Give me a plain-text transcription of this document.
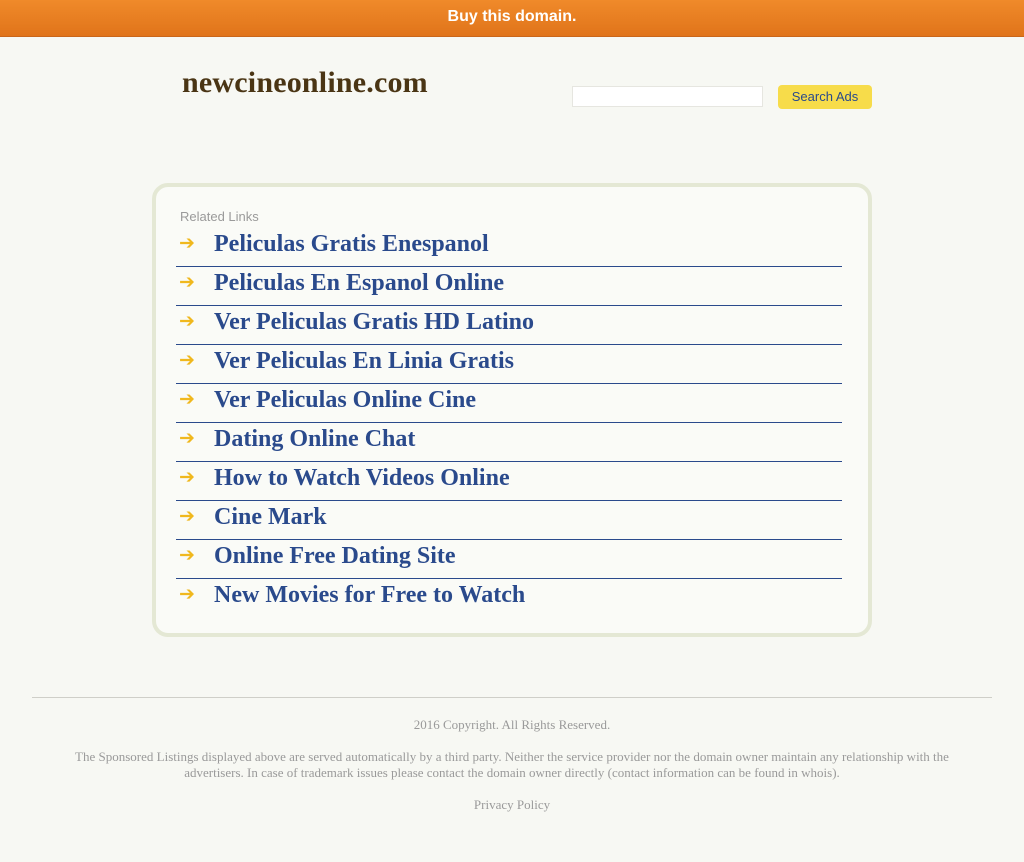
Buy this domain.
newcineonline.com	Search Ads
Related Links
➔ Peliculas Gratis Enespanol
➔ Peliculas En Espanol Online
➔ Ver Peliculas Gratis HD Latino
➔ Ver Peliculas En Linia Gratis
➔ Ver Peliculas Online Cine
➔ Dating Online Chat
➔ How to Watch Videos Online
➔ Cine Mark
➔ Online Free Dating Site
➔ New Movies for Free to Watch
2016 Copyright. All Rights Reserved.
The Sponsored Listings displayed above are served automatically by a third party. Neither the service provider nor the domain owner maintain any relationship with the advertisers. In case of trademark issues please contact the domain owner directly (contact information can be found in whois).
Privacy Policy
